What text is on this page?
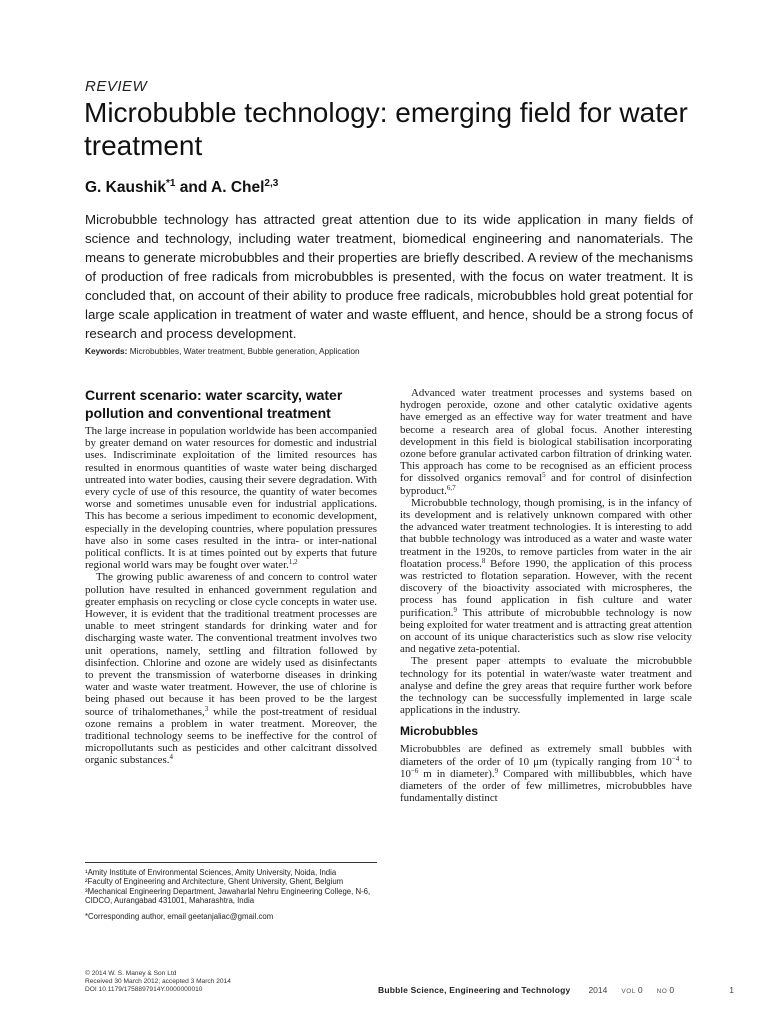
REVIEW
Microbubble technology: emerging field for water treatment
G. Kaushik$^{*1}$ and A. Chel$^{2,3}$

Microbubble technology has attracted great attention due to its wide application in many fields of science and technology, including water treatment, biomedical engineering and nanomaterials. The means to generate microbubbles and their properties are briefly described. A review of the mechanisms of production of free radicals from microbubbles is presented, with the focus on water treatment. It is concluded that, on account of their ability to produce free radicals, microbubbles hold great potential for large scale application in treatment of water and waste effluent, and hence, should be a strong focus of research and process development.

Keywords: Microbubbles, Water treatment, Bubble generation, Application
Current scenario: water scarcity, water pollution and conventional treatment

The large increase in population worldwide has been accompanied by greater demand on water resources for domestic and industrial uses. Indiscriminate exploitation of the limited resources has resulted in enormous quantities of waste water being discharged untreated into water bodies, causing their severe degradation. With every cycle of use of this resource, the quantity of water becomes worse and sometimes unusable even for industrial applications. This has become a serious impediment to economic development, especially in the developing countries, where population pressures have also in some cases resulted in the intra- or inter-national political conflicts. It is at times pointed out by experts that future regional world wars may be fought over water.$^{1,2}$

The growing public awareness of and concern to control water pollution have resulted in enhanced government regulation and greater emphasis on recycling or close cycle concepts in water use. However, it is evident that the traditional treatment processes are unable to meet stringent standards for drinking water and for discharging waste water. The conventional treatment involves two unit operations, namely, settling and filtration followed by disinfection. Chlorine and ozone are widely used as disinfectants to prevent the transmission of waterborne diseases in drinking water and waste water treatment. However, the use of chlorine is being phased out because it has been proved to be the largest source of trihalomethanes,$^3$ while the post-treatment of residual ozone remains a problem in water treatment. Moreover, the traditional technology seems to be ineffective for the control of micropollutants such as pesticides and other calcitrant dissolved organic substances.$^4$

¹Amity Institute of Environmental Sciences, Amity University, Noida, India
²Faculty of Engineering and Architecture, Ghent University, Ghent, Belgium
³Mechanical Engineering Department, Jawaharlal Nehru Engineering College, N-6, CIDCO, Aurangabad 431001, Maharashtra, India
*Corresponding author, email geetanjaliac@gmail.com

Advanced water treatment processes and systems based on hydrogen peroxide, ozone and other catalytic oxidative agents have emerged as an effective way for water treatment and have become a research area of global focus. Another interesting development in this field is biological stabilisation incorporating ozone before granular activated carbon filtration of drinking water. This approach has come to be recognised as an efficient process for dissolved organics removal$^5$ and for control of disinfection byproduct.$^{6,7}$

Microbubble technology, though promising, is in the infancy of its development and is relatively unknown compared with other the advanced water treatment technologies. It is interesting to add that bubble technology was introduced as a water and waste water treatment in the 1920s, to remove particles from water in the air floatation process.$^8$ Before 1990, the application of this process was restricted to flotation separation. However, with the recent discovery of the bioactivity associated with microspheres, the process has found application in fish culture and water purification.$^9$ This attribute of microbubble technology is now being exploited for water treatment and is attracting great attention on account of its unique characteristics such as slow rise velocity and negative zeta-potential.

The present paper attempts to evaluate the microbubble technology for its potential in water/waste water treatment and analyse and define the grey areas that require further work before the technology can be successfully implemented in large scale applications in the industry.

Microbubbles

Microbubbles are defined as extremely small bubbles with diameters of the order of 10 μm (typically ranging from 10$^{-4}$ to 10$^{-6}$ m in diameter).$^9$ Compared with millibubbles, which have diameters of the order of few millimetres, microbubbles have fundamentally distinct

© 2014 W. S. Maney & Son Ltd
Received 30 March 2012; accepted 3 March 2014
DOI 10.1179/1758897914Y.0000000010	Bubble Science, Engineering and Technology 2014 VOL 0 NO 0	1
